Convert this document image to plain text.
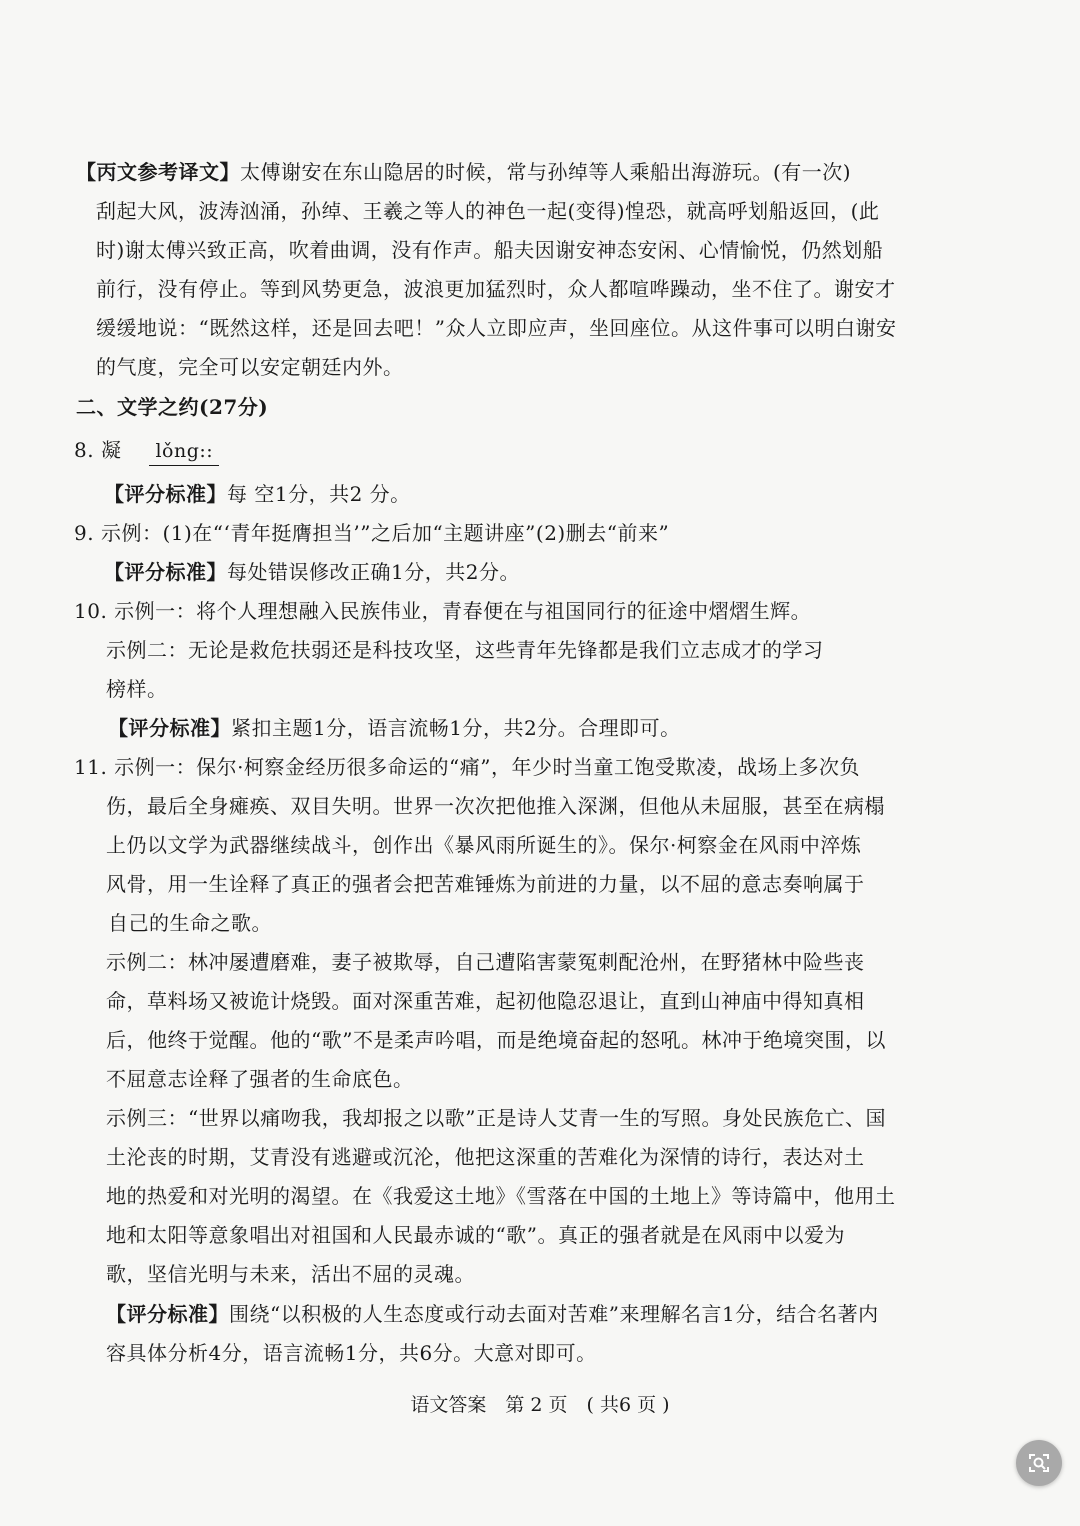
【丙文参考译文】太傅谢安在东山隐居的时候，常与孙绰等人乘船出海游玩。(有一次)
刮起大风，波涛汹涌，孙绰、王羲之等人的神色一起(变得)惶恐，就高呼划船返回，(此
时)谢太傅兴致正高，吹着曲调，没有作声。船夫因谢安神态安闲、心情愉悦，仍然划船
前行，没有停止。等到风势更急，波浪更加猛烈时，众人都喧哗躁动，坐不住了。谢安才
缓缓地说：“既然这样，还是回去吧！”众人立即应声，坐回座位。从这件事可以明白谢安
的气度，完全可以安定朝廷内外。
二、文学之约(27分)
8. 凝 lǒng::
【评分标准】每 空1分，共2 分。
9. 示例：(1)在“‘青年挺膺担当’”之后加“主题讲座”(2)删去“前来”
【评分标准】每处错误修改正确1分，共2分。
10. 示例一：将个人理想融入民族伟业，青春便在与祖国同行的征途中熠熠生辉。
示例二：无论是救危扶弱还是科技攻坚，这些青年先锋都是我们立志成才的学习
榜样。
【评分标准】紧扣主题1分，语言流畅1分，共2分。合理即可。
11. 示例一：保尔·柯察金经历很多命运的“痛”，年少时当童工饱受欺凌，战场上多次负
伤，最后全身瘫痪、双目失明。世界一次次把他推入深渊，但他从未屈服，甚至在病榻
上仍以文学为武器继续战斗，创作出《暴风雨所诞生的》。保尔·柯察金在风雨中淬炼
风骨，用一生诠释了真正的强者会把苦难锤炼为前进的力量，以不屈的意志奏响属于
自己的生命之歌。
示例二：林冲屡遭磨难，妻子被欺辱，自己遭陷害蒙冤刺配沧州，在野猪林中险些丧
命，草料场又被诡计烧毁。面对深重苦难，起初他隐忍退让，直到山神庙中得知真相
后，他终于觉醒。他的“歌”不是柔声吟唱，而是绝境奋起的怒吼。林冲于绝境突围，以
不屈意志诠释了强者的生命底色。
示例三：“世界以痛吻我，我却报之以歌”正是诗人艾青一生的写照。身处民族危亡、国
土沦丧的时期，艾青没有逃避或沉沦，他把这深重的苦难化为深情的诗行，表达对土
地的热爱和对光明的渴望。在《我爱这土地》《雪落在中国的土地上》等诗篇中，他用土
地和太阳等意象唱出对祖国和人民最赤诚的“歌”。真正的强者就是在风雨中以爱为
歌，坚信光明与未来，活出不屈的灵魂。
【评分标准】围绕“以积极的人生态度或行动去面对苦难”来理解名言1分，结合名著内
容具体分析4分，语言流畅1分，共6分。大意对即可。
语文答案　第 2 页　( 共6 页 )
